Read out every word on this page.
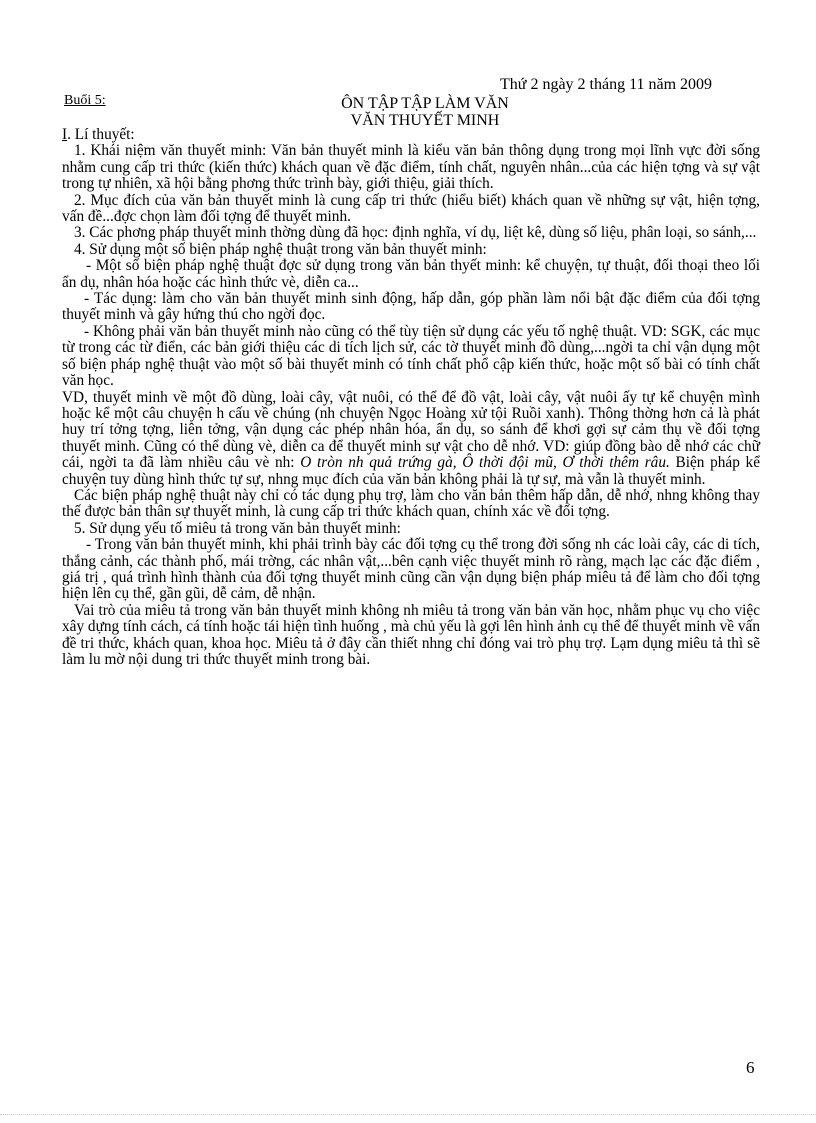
Thứ 2 ngày 2 tháng 11 năm 2009
Buổi 5:	ÔN TẬP TẬP LÀM VĂN
VĂN THUYẾT MINH

I. Lí thuyết:

1. Khái niệm văn thuyết minh: Văn bản thuyết minh là kiểu văn bản thông dụng trong mọi lĩnh vực đời sống nhằm cung cấp tri thức (kiến thức) khách quan về đặc điểm, tính chất, nguyên nhân...của các hiện tợng và sự vật trong tự nhiên, xã hội bằng phơng thức trình bày, giới thiệu, giải thích.

2. Mục đích của văn bản thuyết minh là cung cấp tri thức (hiểu biết) khách quan về những sự vật, hiện tợng, vấn đề...đợc chọn làm đối tợng để thuyết minh.

3. Các phơng pháp thuyết minh thờng dùng đã học: định nghĩa, ví dụ, liệt kê, dùng số liệu, phân loại, so sánh,...

4. Sử dụng một số biện pháp nghệ thuật trong văn bản thuyết minh:

- Một số biện pháp nghệ thuật đợc sử dụng trong văn bản thyết minh: kể chuyện, tự thuật, đối thoại theo lối ẩn dụ, nhân hóa hoặc các hình thức vè, diễn ca...

- Tác dụng: làm cho văn bản thuyết minh sinh động, hấp dẫn, góp phần làm nổi bật đặc điểm của đối tợng thuyết minh và gây hứng thú cho ngời đọc.

- Không phải văn bản thuyết minh nào cũng có thể tùy tiện sử dụng các yếu tố nghệ thuật. VD: SGK, các mục từ trong các từ điển, các bản giới thiệu các di tích lịch sử, các tờ thuyết minh đồ dùng,...ngời ta chỉ vận dụng một số biện pháp nghệ thuật vào một số bài thuyết minh có tính chất phổ cập kiến thức, hoặc một số bài có tính chất văn học.

VD, thuyết minh về một đồ dùng, loài cây, vật nuôi, có thể để đồ vật, loài cây, vật nuôi ấy tự kể chuyện mình hoặc kể một câu chuyện h cấu về chúng (nh chuyện Ngọc Hoàng xử tội Ruồi xanh). Thông thờng hơn cả là phát huy trí tởng tợng, liên tởng, vận dụng các phép nhân hóa, ẩn dụ, so sánh để khơi gợi sự cảm thụ về đối tợng thuyết minh. Cũng có thể dùng vè, diễn ca để thuyết minh sự vật cho dễ nhớ. VD: giúp đồng bào dễ nhớ các chữ cái, ngời ta đã làm nhiều câu vè nh: O tròn nh quả trứng gà, Ô thời đội mũ, Ơ thời thêm râu. Biện pháp kể chuyện tuy dùng hình thức tự sự, nhng mục đích của văn bản không phải là tự sự, mà vẫn là thuyết minh.

Các biện pháp nghệ thuật này chỉ có tác dụng phụ trợ, làm cho văn bản thêm hấp dẫn, dễ nhớ, nhng không thay thế được bản thân sự thuyết minh, là cung cấp tri thức khách quan, chính xác về đối tợng.

5. Sử dụng yếu tố miêu tả trong văn bản thuyết minh:

- Trong văn bản thuyết minh, khi phải trình bày các đối tợng cụ thể trong đời sống nh các loài cây, các di tích, thắng cảnh, các thành phố, mái trờng, các nhân vật,...bên cạnh việc thuyết minh rõ ràng, mạch lạc các đặc điểm , giá trị , quá trình hình thành của đối tợng thuyết minh cũng cần vận dụng biện pháp miêu tả để làm cho đối tợng hiện lên cụ thể, gần gũi, dễ cảm, dễ nhận.

Vai trò của miêu tả trong văn bản thuyết minh không nh miêu tả trong văn bản văn học, nhằm phục vụ cho việc xây dựng tính cách, cá tính hoặc tái hiện tình huống , mà chủ yếu là gợi lên hình ảnh cụ thể để thuyết minh về vấn đề tri thức, khách quan, khoa học. Miêu tả ở đây cần thiết nhng chỉ đóng vai trò phụ trợ. Lạm dụng miêu tả thì sẽ làm lu mờ nội dung tri thức thuyết minh trong bài.

6
